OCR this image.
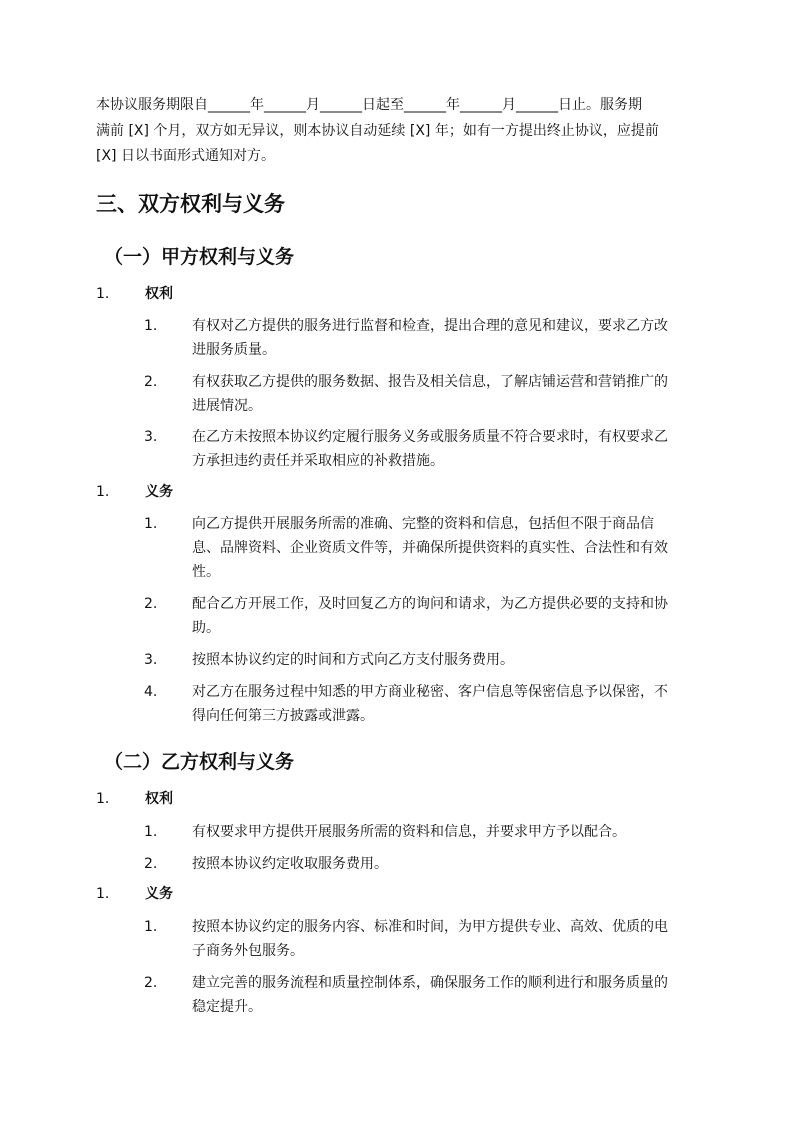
本协议服务期限自______年______月______日起至______年______月______日止。服务期
满前 [X] 个月，双方如无异议，则本协议自动延续 [X] 年；如有一方提出终止协议，应提前
[X] 日以书面形式通知对方。
三、双方权利与义务
（一）甲方权利与义务
1.	权利
1. 有权对乙方提供的服务进行监督和检查，提出合理的意见和建议，要求乙方改
进服务质量。
2. 有权获取乙方提供的服务数据、报告及相关信息，了解店铺运营和营销推广的
进展情况。
3. 在乙方未按照本协议约定履行服务义务或服务质量不符合要求时，有权要求乙
方承担违约责任并采取相应的补救措施。
1.	义务
1. 向乙方提供开展服务所需的准确、完整的资料和信息，包括但不限于商品信
息、品牌资料、企业资质文件等，并确保所提供资料的真实性、合法性和有效
性。
2. 配合乙方开展工作，及时回复乙方的询问和请求，为乙方提供必要的支持和协
助。
3. 按照本协议约定的时间和方式向乙方支付服务费用。
4. 对乙方在服务过程中知悉的甲方商业秘密、客户信息等保密信息予以保密，不
得向任何第三方披露或泄露。
（二）乙方权利与义务
1.	权利
1. 有权要求甲方提供开展服务所需的资料和信息，并要求甲方予以配合。
2. 按照本协议约定收取服务费用。
1.	义务
1. 按照本协议约定的服务内容、标准和时间，为甲方提供专业、高效、优质的电
子商务外包服务。
2. 建立完善的服务流程和质量控制体系，确保服务工作的顺利进行和服务质量的
稳定提升。
